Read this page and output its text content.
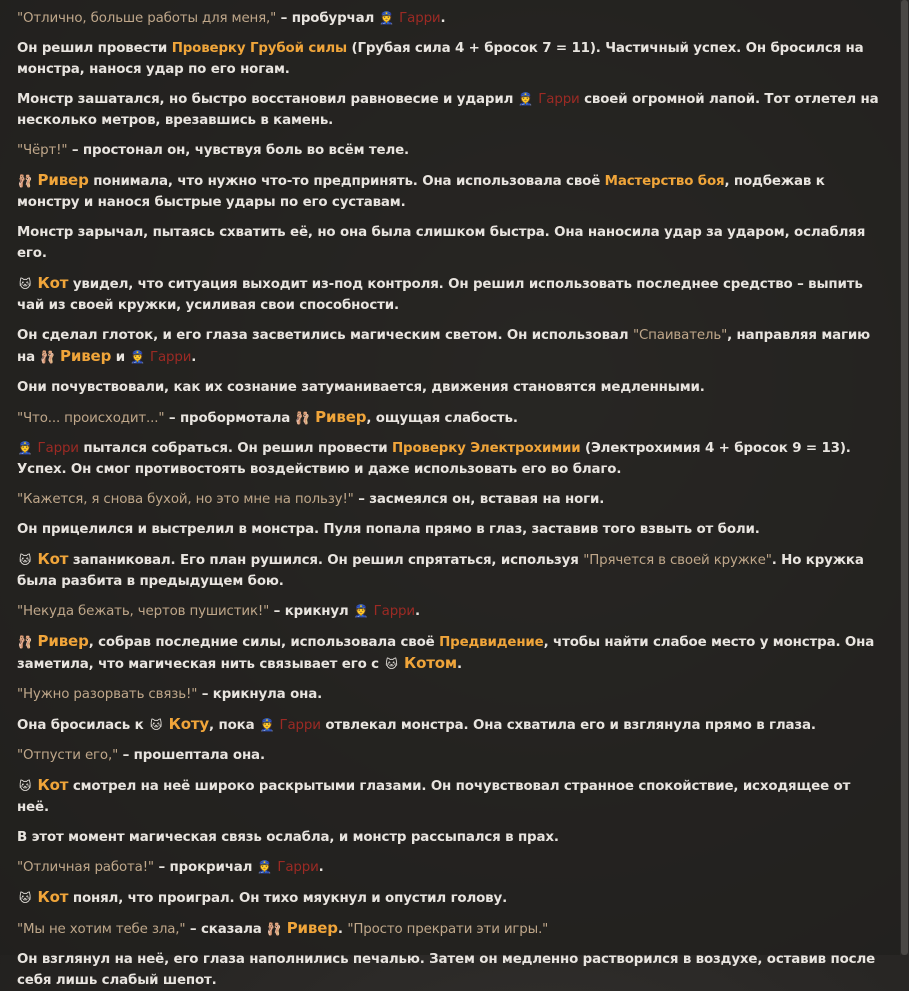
"Отлично, больше работы для меня," – пробурчал 👮 Гарри.

Он решил провести Проверку Грубой силы (Грубая сила 4 + бросок 7 = 11). Частичный успех. Он бросился на монстра, нанося удар по его ногам.

Монстр зашатался, но быстро восстановил равновесие и ударил 👮 Гарри своей огромной лапой. Тот отлетел на несколько метров, врезавшись в камень.

"Чёрт!" – простонал он, чувствуя боль во всём теле.

🩰 Ривер понимала, что нужно что-то предпринять. Она использовала своё Мастерство боя, подбежав к монстру и нанося быстрые удары по его суставам.

Монстр зарычал, пытаясь схватить её, но она была слишком быстра. Она наносила удар за ударом, ослабляя его.

🐱 Кот увидел, что ситуация выходит из-под контроля. Он решил использовать последнее средство – выпить чай из своей кружки, усиливая свои способности.

Он сделал глоток, и его глаза засветились магическим светом. Он использовал "Спаиватель", направляя магию на 🩰 Ривер и 👮 Гарри.

Они почувствовали, как их сознание затуманивается, движения становятся медленными.

"Что... происходит..." – пробормотала 🩰 Ривер, ощущая слабость.

👮 Гарри пытался собраться. Он решил провести Проверку Электрохимии (Электрохимия 4 + бросок 9 = 13). Успех. Он смог противостоять воздействию и даже использовать его во благо.

"Кажется, я снова бухой, но это мне на пользу!" – засмеялся он, вставая на ноги.

Он прицелился и выстрелил в монстра. Пуля попала прямо в глаз, заставив того взвыть от боли.

🐱 Кот запаниковал. Его план рушился. Он решил спрятаться, используя "Прячется в своей кружке". Но кружка была разбита в предыдущем бою.

"Некуда бежать, чертов пушистик!" – крикнул 👮 Гарри.

🩰 Ривер, собрав последние силы, использовала своё Предвидение, чтобы найти слабое место у монстра. Она заметила, что магическая нить связывает его с 🐱 Котом.

"Нужно разорвать связь!" – крикнула она.

Она бросилась к 🐱 Коту, пока 👮 Гарри отвлекал монстра. Она схватила его и взглянула прямо в глаза.

"Отпусти его," – прошептала она.

🐱 Кот смотрел на неё широко раскрытыми глазами. Он почувствовал странное спокойствие, исходящее от неё.

В этот момент магическая связь ослабла, и монстр рассыпался в прах.

"Отличная работа!" – прокричал 👮 Гарри.

🐱 Кот понял, что проиграл. Он тихо мяукнул и опустил голову.

"Мы не хотим тебе зла," – сказала 🩰 Ривер. "Просто прекрати эти игры."

Он взглянул на неё, его глаза наполнились печалью. Затем он медленно растворился в воздухе, оставив после себя лишь слабый шепот.
